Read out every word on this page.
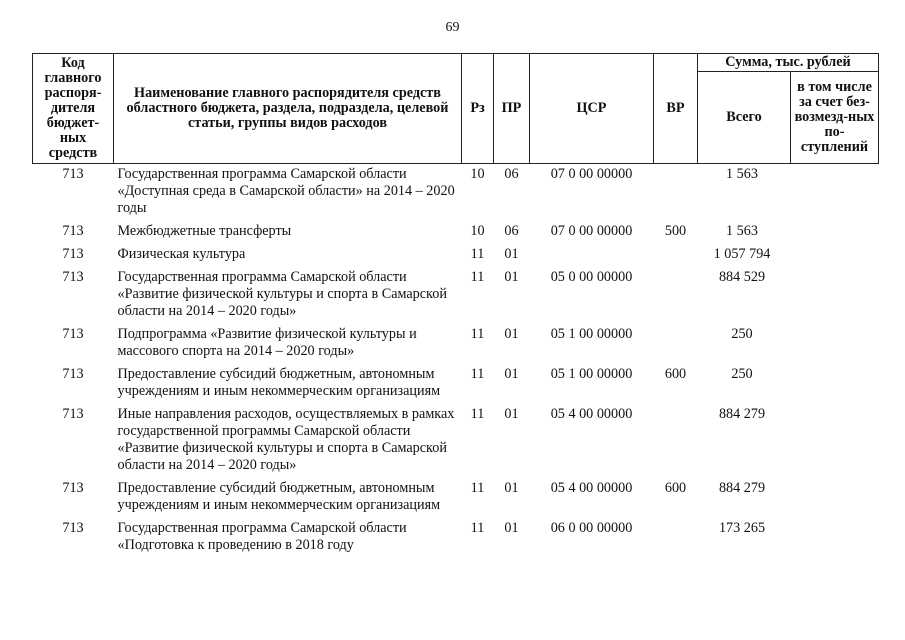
69
Код главного распоря-дителя бюджет-ных средств	Наименование главного распорядителя средств областного бюджета, раздела, подраздела, целевой статьи, группы видов расходов	Рз	ПР	ЦСР	ВР	Сумма, тыс. рублей	
						Всего	в том числе за счет без-возмезд-ных по-ступлений
713	Государственная программа Самарской области «Доступная среда в Самарской области» на 2014 – 2020 годы	10	06	07 0 00 00000		1 563	
713	Межбюджетные трансферты	10	06	07 0 00 00000	500	1 563	
713	Физическая культура	11	01			1 057 794	
713	Государственная программа Самарской области «Развитие физической культуры и спорта в Самарской области на 2014 – 2020 годы»	11	01	05 0 00 00000		884 529	
713	Подпрограмма «Развитие физической культуры и массового спорта на 2014 – 2020 годы»	11	01	05 1 00 00000		250	
713	Предоставление субсидий бюджетным, автономным учреждениям и иным некоммерческим организациям	11	01	05 1 00 00000	600	250	
713	Иные направления расходов, осуществляемых в рамках государственной программы Самарской области «Развитие физической культуры и спорта в Самарской области на 2014 – 2020 годы»	11	01	05 4 00 00000		884 279	
713	Предоставление субсидий бюджетным, автономным учреждениям и иным некоммерческим организациям	11	01	05 4 00 00000	600	884 279	
713	Государственная программа Самарской области «Подготовка к проведению в 2018 году	11	01	06 0 00 00000		173 265	
